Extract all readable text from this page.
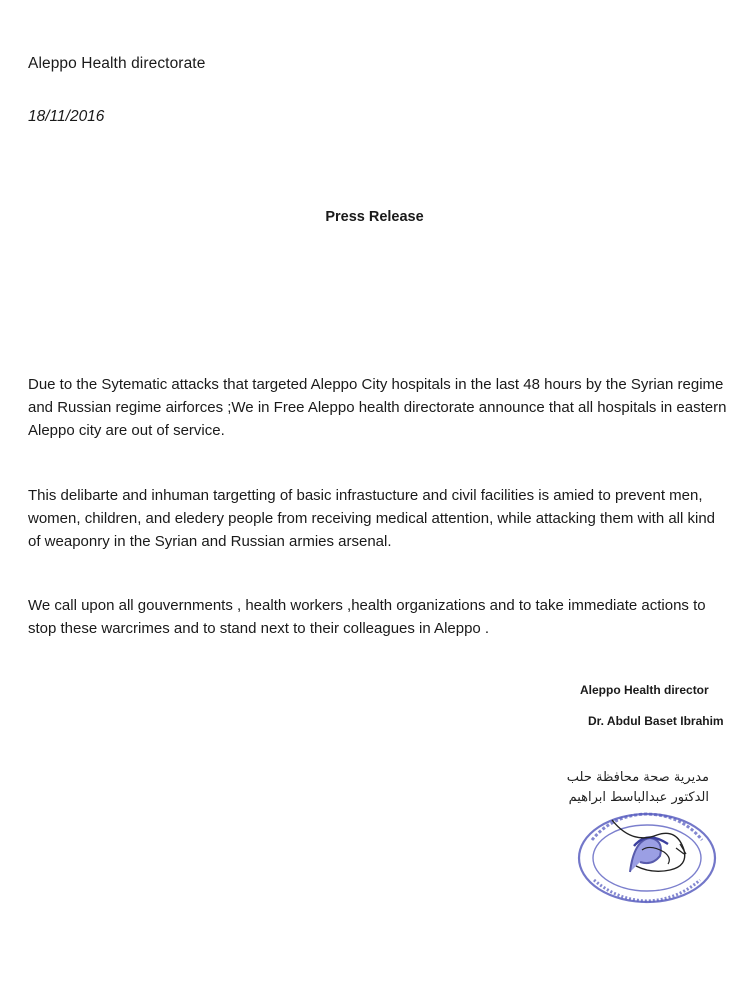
Aleppo Health directorate
18/11/2016
Press Release

Due to the Sytematic attacks that targeted Aleppo City hospitals in the last 48 hours by the Syrian regime and Russian regime airforces ;We in Free Aleppo health directorate announce that all hospitals in eastern Aleppo city are out of service.

This delibarte and inhuman targetting of basic infrastucture and civil facilities is amied to prevent men, women, children, and eledery people from receiving medical attention, while attacking them with all kind of weaponry in the Syrian and Russian armies arsenal.

We call upon all gouvernments , health workers ,health organizations and to take immediate actions to stop these warcrimes and to stand next to their colleagues in Aleppo .

Aleppo Health director
Dr. Abdul Baset Ibrahim
مديرية صحة محافظة حلب
الدكتور عبدالباسط ابراهيم
